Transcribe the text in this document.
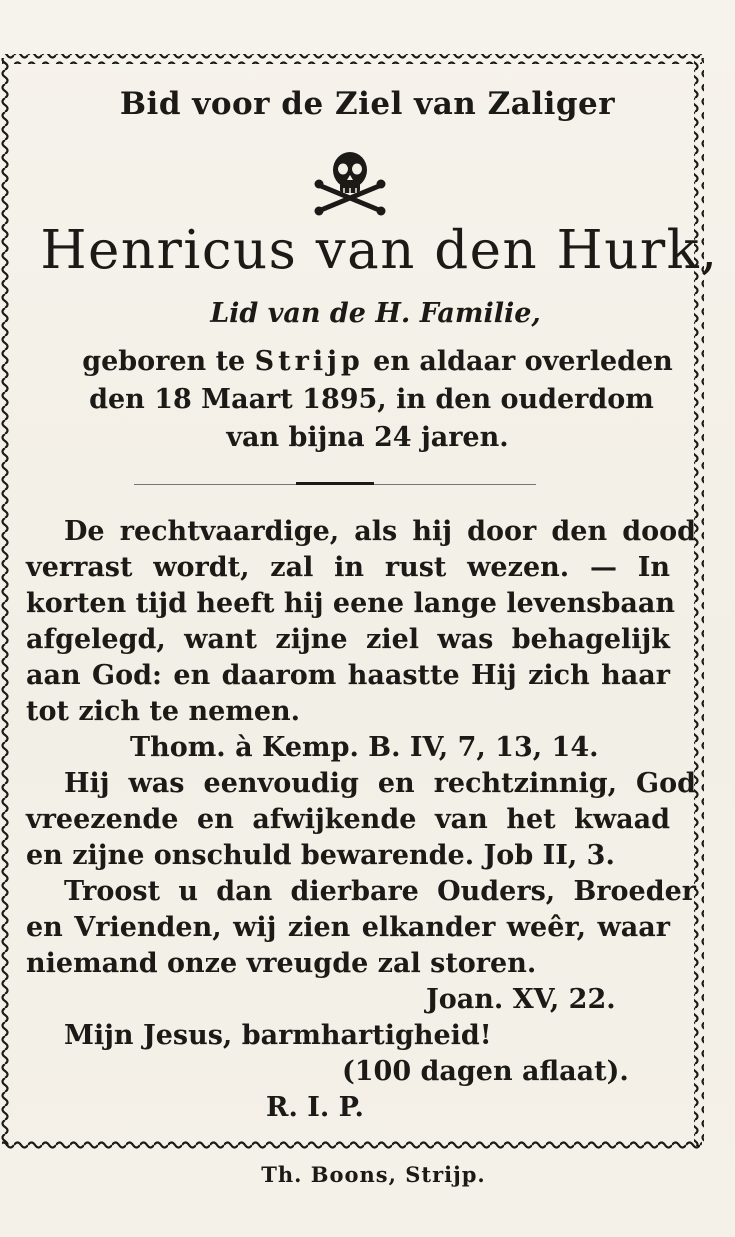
Bid voor de Ziel van Zaliger
Henricus van den Hurk,
Lid van de H. Familie,
geboren te Strijp en aldaar overleden
den 18 Maart 1895, in den ouderdom
van bijna 24 jaren.
De rechtvaardige, als hij door den dood
verrast wordt, zal in rust wezen. — In
korten tijd heeft hij eene lange levensbaan
afgelegd, want zijne ziel was behagelijk
aan God: en daarom haastte Hij zich haar
tot zich te nemen.
Thom. à Kemp. B. IV, 7, 13, 14.
Hij was eenvoudig en rechtzinnig, God
vreezende en afwijkende van het kwaad
en zijne onschuld bewarende. Job II, 3.
Troost u dan dierbare Ouders, Broeder
en Vrienden, wij zien elkander weêr, waar
niemand onze vreugde zal storen.
Joan. XV, 22.
Mijn Jesus, barmhartigheid!
(100 dagen aflaat).
R. I. P.
Th. Boons, Strijp.
